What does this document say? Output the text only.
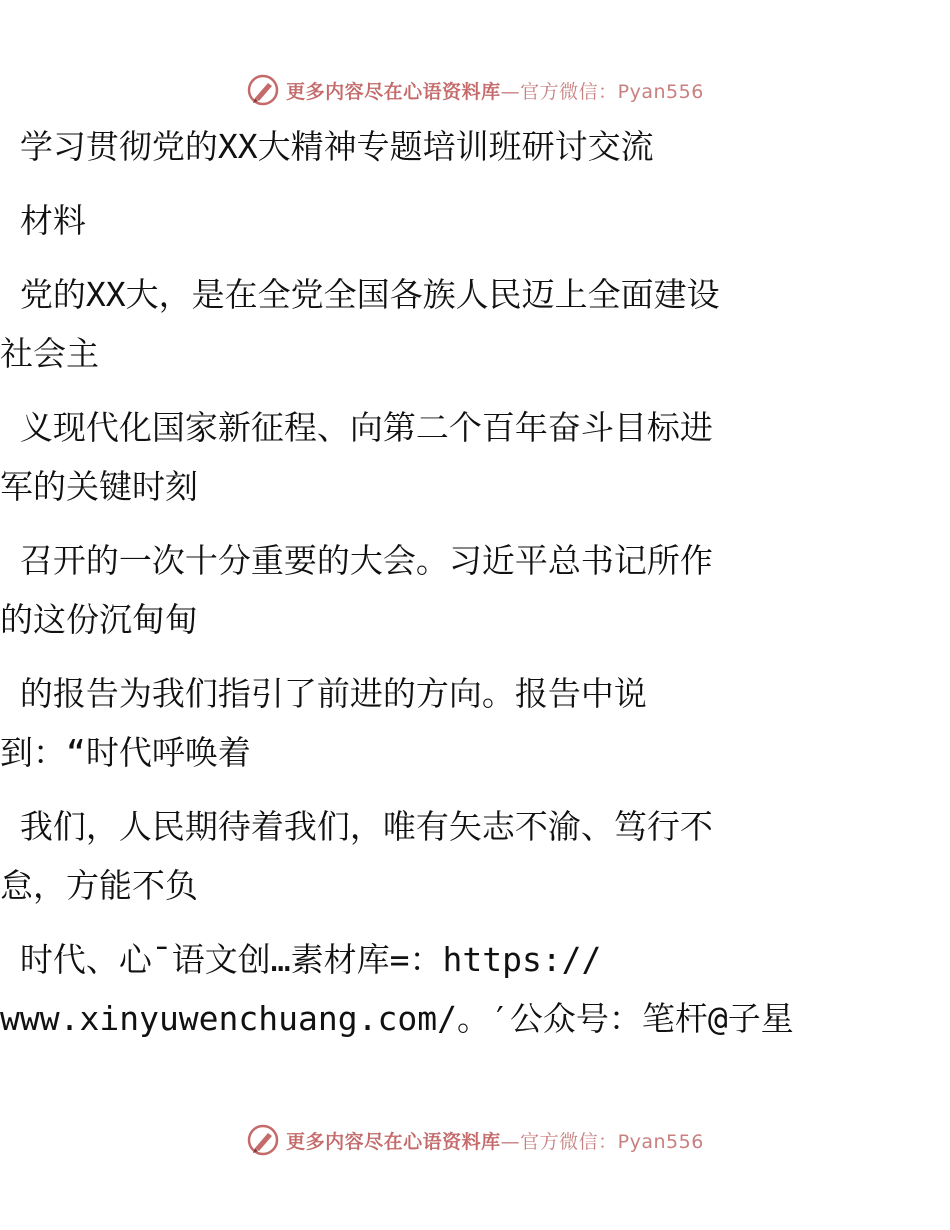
更多内容尽在心语资料库—官方微信：Pyan556
学习贯彻党的XX大精神专题培训班研讨交流
材料
党的XX大，是在全党全国各族人民迈上全面建设
社会主
义现代化国家新征程、向第二个百年奋斗目标进
军的关键时刻
召开的一次十分重要的大会。习近平总书记所作
的这份沉甸甸
的报告为我们指引了前进的方向。报告中说
到：“时代呼唤着
我们，人民期待着我们，唯有矢志不渝、笃行不
怠，方能不负
时代、心¯语文创…素材库=：https://
www.xinyuwenchuang.com/。′公众号：笔杆@子星
更多内容尽在心语资料库—官方微信：Pyan556
